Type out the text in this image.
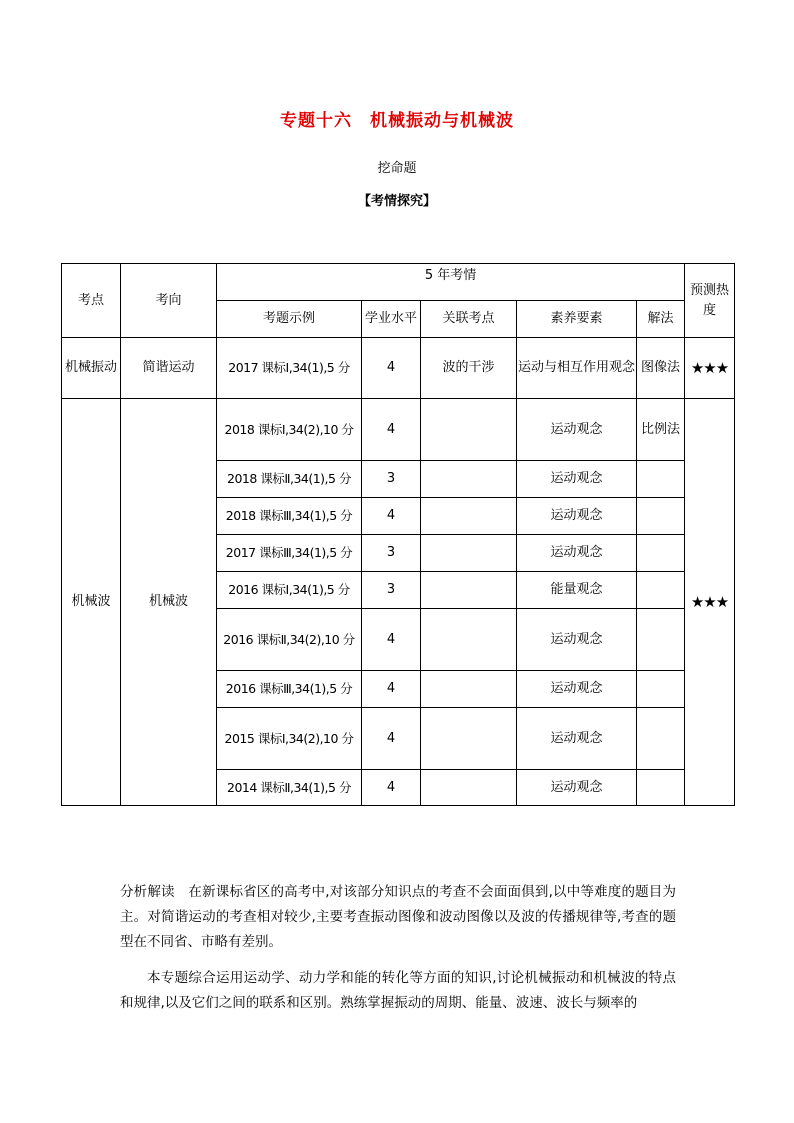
专题十六　机械振动与机械波
挖命题
【考情探究】
考点	考向	5 年考情					预测热度
		考题示例	学业水平	关联考点	素养要素	解法	
机械振动	简谐运动	2017 课标Ⅰ,34(1),5 分	4	波的干涉	运动与相互作用观念	图像法	★★★
机械波	机械波	2018 课标Ⅰ,34(2),10 分	4		运动观念	比例法	★★★
		2018 课标Ⅱ,34(1),5 分	3		运动观念		
		2018 课标Ⅲ,34(1),5 分	4		运动观念		
		2017 课标Ⅲ,34(1),5 分	3		运动观念		
		2016 课标Ⅰ,34(1),5 分	3		能量观念		
		2016 课标Ⅱ,34(2),10 分	4		运动观念		
		2016 课标Ⅲ,34(1),5 分	4		运动观念		
		2015 课标Ⅰ,34(2),10 分	4		运动观念		
		2014 课标Ⅱ,34(1),5 分	4		运动观念		
分析解读　在新课标省区的高考中,对该部分知识点的考查不会面面俱到,以中等难度的题目为主。对简谐运动的考查相对较少,主要考查振动图像和波动图像以及波的传播规律等,考查的题型在不同省、市略有差别。
本专题综合运用运动学、动力学和能的转化等方面的知识,讨论机械振动和机械波的特点和规律,以及它们之间的联系和区别。熟练掌握振动的周期、能量、波速、波长与频率的
